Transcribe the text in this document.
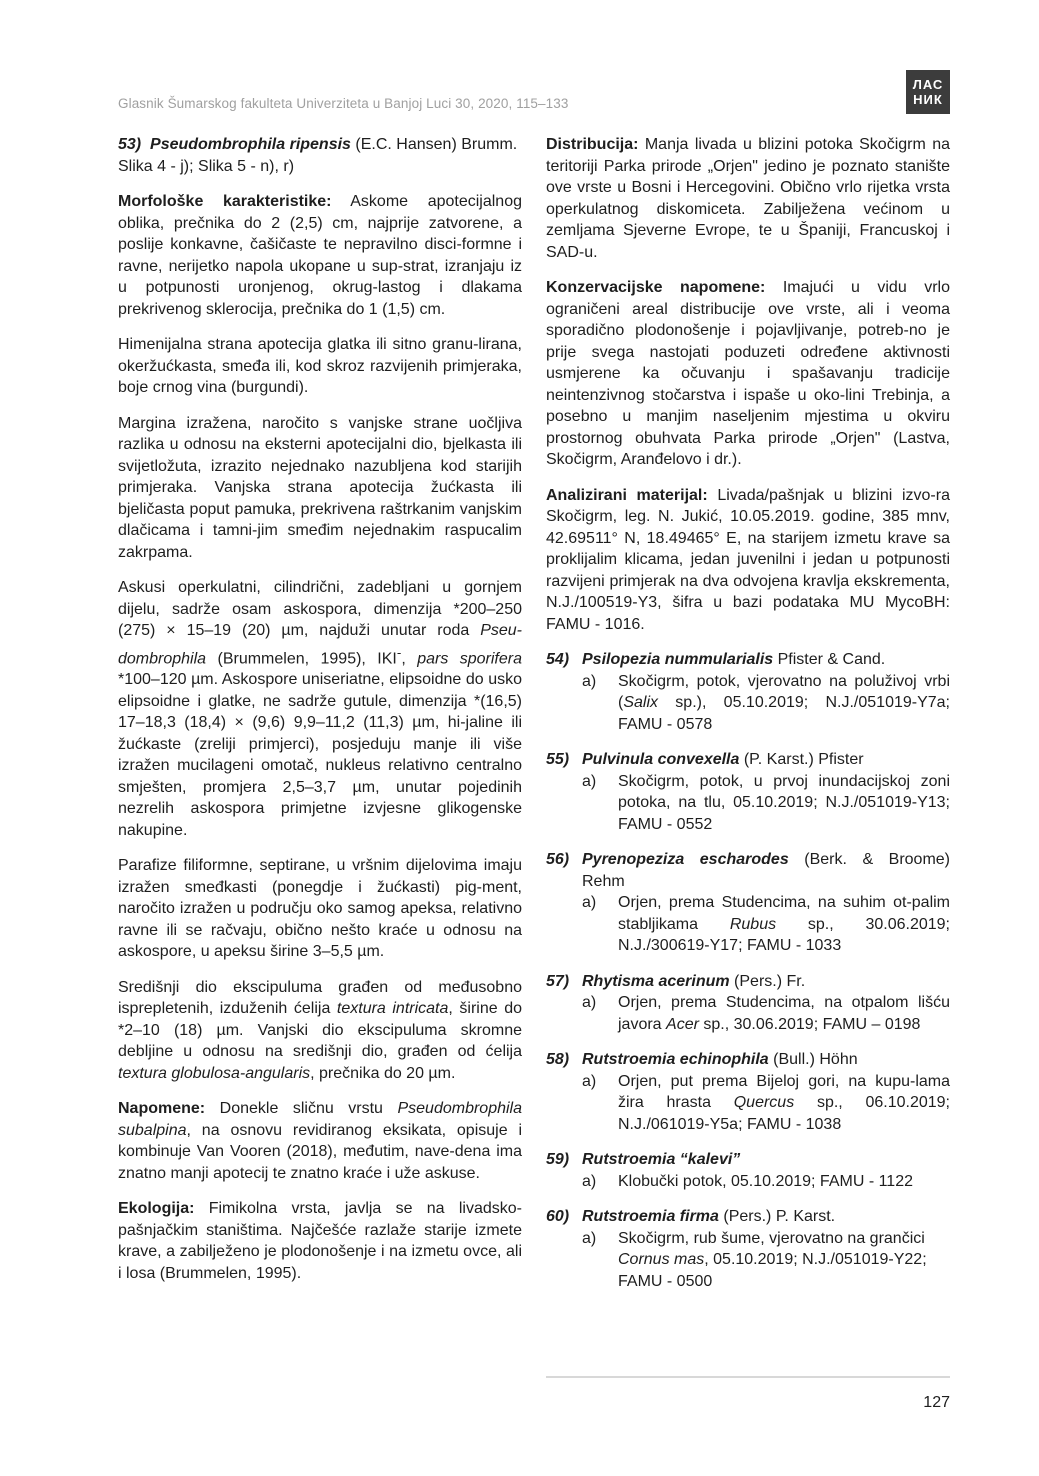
Glasnik Šumarskog fakulteta Univerziteta u Banjoj Luci 30, 2020, 115–133
ЛАС
НИК

53) Pseudombrophila ripensis (E.C. Hansen) Brumm.
Slika 4 - j); Slika 5 - n), r)

Morfološke karakteristike: Askome apotecijalnog oblika, prečnika do 2 (2,5) cm, najprije zatvorene, a poslije konkavne, čašičaste te nepravilno disci-formne i ravne, nerijetko napola ukopane u sup-strat, izranjaju iz u potpunosti uronjenog, okrug-lastog i dlakama prekrivenog sklerocija, prečnika do 1 (1,5) cm.

Himenijalna strana apotecija glatka ili sitno granu-lirana, okeržućkasta, smeđa ili, kod skroz razvijenih primjeraka, boje crnog vina (burgundi).

Margina izražena, naročito s vanjske strane uočljiva razlika u odnosu na eksterni apotecijalni dio, bjelkasta ili svijetložuta, izrazito nejednako nazubljena kod starijih primjeraka. Vanjska strana apotecija žućkasta ili bjeličasta poput pamuka, prekrivena raštrkanim vanjskim dlačicama i tamni-jim smeđim nejednakim raspucalim zakrpama.

Askusi operkulatni, cilindrični, zadebljani u gornjem dijelu, sadrže osam askospora, dimenzija *200–250 (275) × 15–19 (20) µm, najduži unutar roda Pseu-dombrophila (Brummelen, 1995), IKI-, pars sporifera *100–120 µm. Askospore uniseriatne, elipsoidne do usko elipsoidne i glatke, ne sadrže gutule, dimenzija *(16,5) 17–18,3 (18,4) × (9,6) 9,9–11,2 (11,3) µm, hi-jaline ili žućkaste (zreliji primjerci), posjeduju manje ili više izražen mucilageni omotač, nukleus relativno centralno smješten, promjera 2,5–3,7 µm, unutar pojedinih nezrelih askospora primjetne izvjesne glikogenske nakupine.

Parafize filiformne, septirane, u vršnim dijelovima imaju izražen smeđkasti (ponegdje i žućkasti) pig-ment, naročito izražen u području oko samog apeksa, relativno ravne ili se račvaju, obično nešto kraće u odnosu na askospore, u apeksu širine 3–5,5 µm.

Središnji dio ekscipuluma građen od međusobno isprepletenih, izduženih ćelija textura intricata, širine do *2–10 (18) µm. Vanjski dio ekscipuluma skromne debljine u odnosu na središnji dio, građen od ćelija textura globulosa-angularis, prečnika do 20 µm.

Napomene: Donekle sličnu vrstu Pseudombrophila subalpina, na osnovu revidiranog eksikata, opisuje i kombinuje Van Vooren (2018), međutim, nave-dena ima znatno manji apotecij te znatno kraće i uže askuse.

Ekologija: Fimikolna vrsta, javlja se na livadsko-pašnjačkim staništima. Najčešće razlaže starije izmete krave, a zabilježeno je plodonošenje i na izmetu ovce, ali i losa (Brummelen, 1995).

Distribucija: Manja livada u blizini potoka Skočigrm na teritoriji Parka prirode „Orjen" jedino je poznato stanište ove vrste u Bosni i Hercegovini. Obično vrlo rijetka vrsta operkulatnog diskomiceta. Zabilježena većinom u zemljama Sjeverne Evrope, te u Španiji, Francuskoj i SAD-u.

Konzervacijske napomene: Imajući u vidu vrlo ograničeni areal distribucije ove vrste, ali i veoma sporadično plodonošenje i pojavljivanje, potreb-no je prije svega nastojati poduzeti određene aktivnosti usmjerene ka očuvanju i spašavanju tradicije neintenzivnog stočarstva i ispaše u oko-lini Trebinja, a posebno u manjim naseljenim mjestima u okviru prostornog obuhvata Parka prirode „Orjen" (Lastva, Skočigrm, Aranđelovo i dr.).

Analizirani materijal: Livada/pašnjak u blizini izvo-ra Skočigrm, leg. N. Jukić, 10.05.2019. godine, 385 mnv, 42.69511° N, 18.49465° E, na starijem izmetu krave sa proklijalim klicama, jedan juvenilni i jedan u potpunosti razvijeni primjerak na dva odvojena kravlja ekskrementa, N.J./100519-Y3, šifra u bazi podataka MU MycoBH: FAMU - 1016.

54) Psilopezia nummularialis Pfister & Cand.
a)	Skočigrm, potok, vjerovatno na poluživoj vrbi (Salix sp.), 05.10.2019; N.J./051019-Y7a; FAMU - 0578
55) Pulvinula convexella (P. Karst.) Pfister
a)	Skočigrm, potok, u prvoj inundacijskoj zoni potoka, na tlu, 05.10.2019; N.J./051019-Y13; FAMU - 0552
56) Pyrenopeziza escharodes (Berk. & Broome) Rehm
a)	Orjen, prema Studencima, na suhim ot-palim stabljikama Rubus sp., 30.06.2019; N.J./300619-Y17; FAMU - 1033
57) Rhytisma acerinum (Pers.) Fr.
a)	Orjen, prema Studencima, na otpalom lišću javora Acer sp., 30.06.2019; FAMU – 0198
58) Rutstroemia echinophila (Bull.) Höhn
a)	Orjen, put prema Bijeloj gori, na kupu-lama žira hrasta Quercus sp., 06.10.2019; N.J./061019-Y5a; FAMU - 1038
59) Rutstroemia “kalevi”
a)	Klobučki potok, 05.10.2019; FAMU - 1122
60) Rutstroemia firma (Pers.) P. Karst.
a)	Skočigrm, rub šume, vjerovatno na grančici Cornus mas, 05.10.2019; N.J./051019-Y22; FAMU - 0500
127
